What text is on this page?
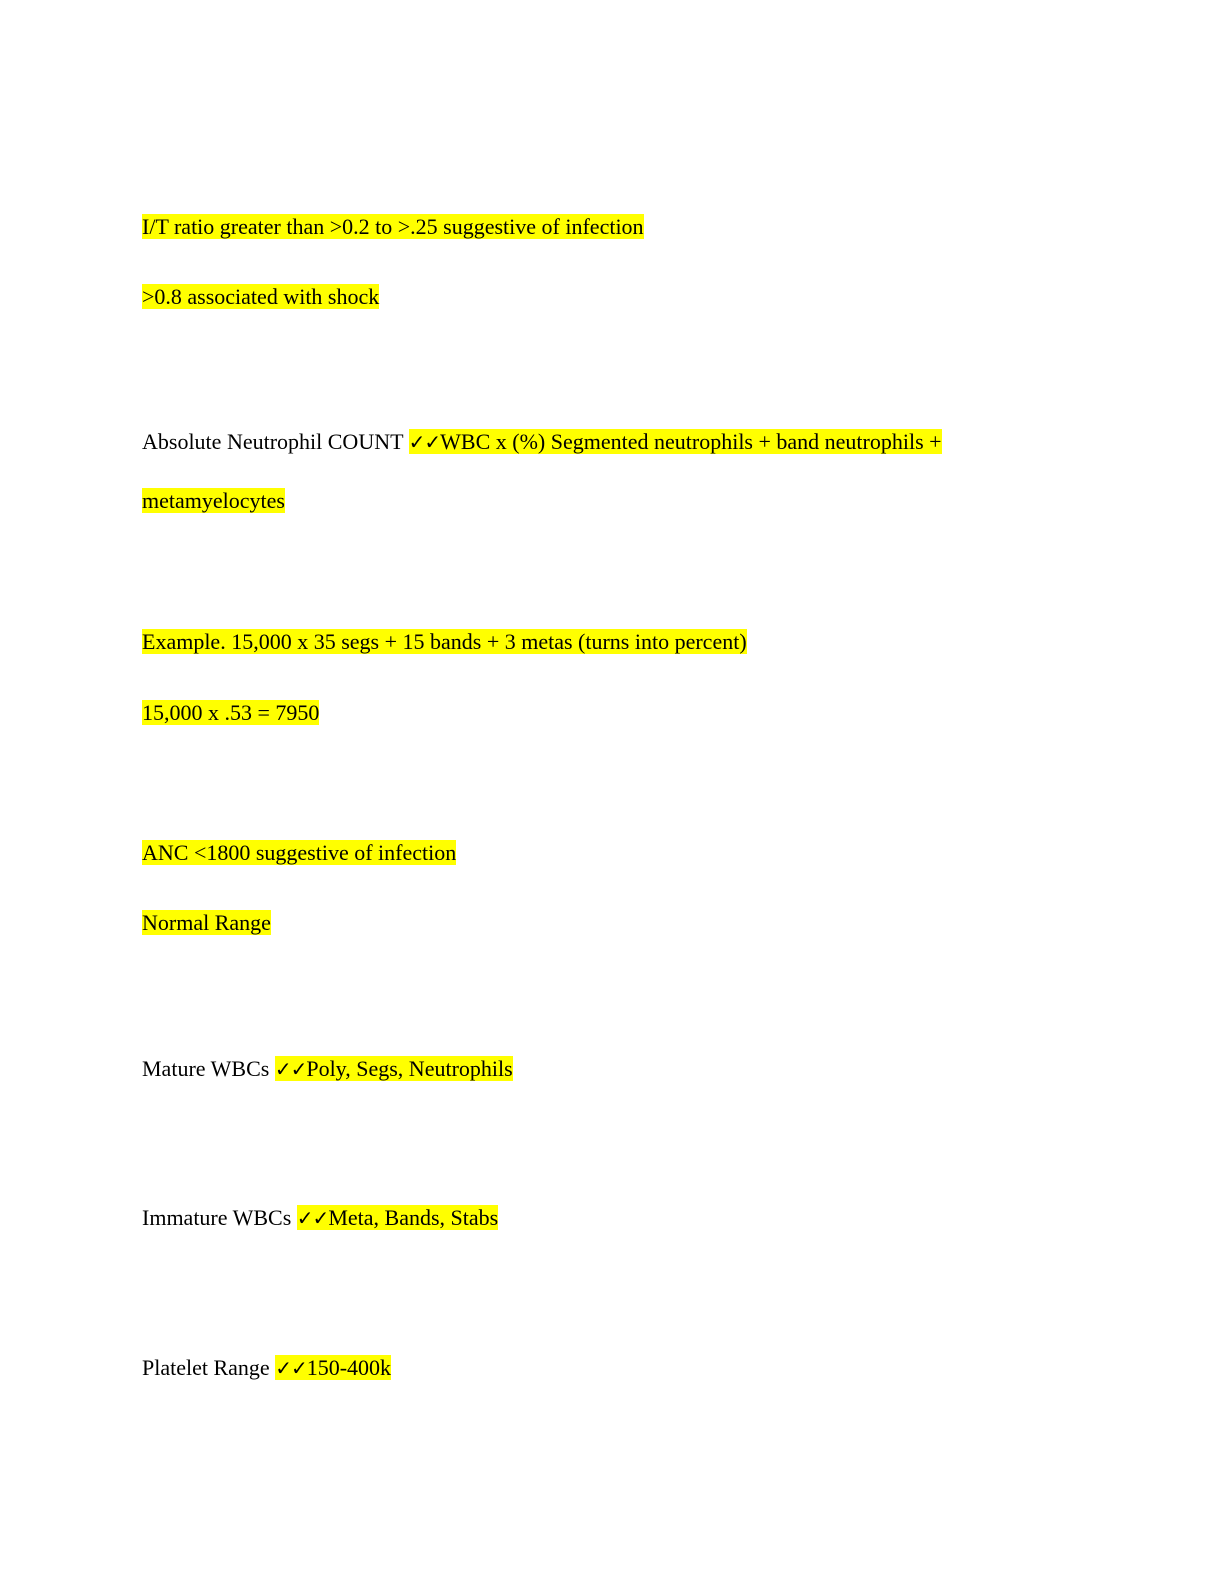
I/T ratio greater than >0.2 to >.25 suggestive of infection
>0.8 associated with shock
Absolute Neutrophil COUNT ✓✓WBC x (%) Segmented neutrophils + band neutrophils +
metamyelocytes
Example. 15,000 x 35 segs + 15 bands + 3 metas (turns into percent)
15,000 x .53 = 7950
ANC <1800 suggestive of infection
Normal Range
Mature WBCs ✓✓Poly, Segs, Neutrophils
Immature WBCs ✓✓Meta, Bands, Stabs
Platelet Range ✓✓150-400k
